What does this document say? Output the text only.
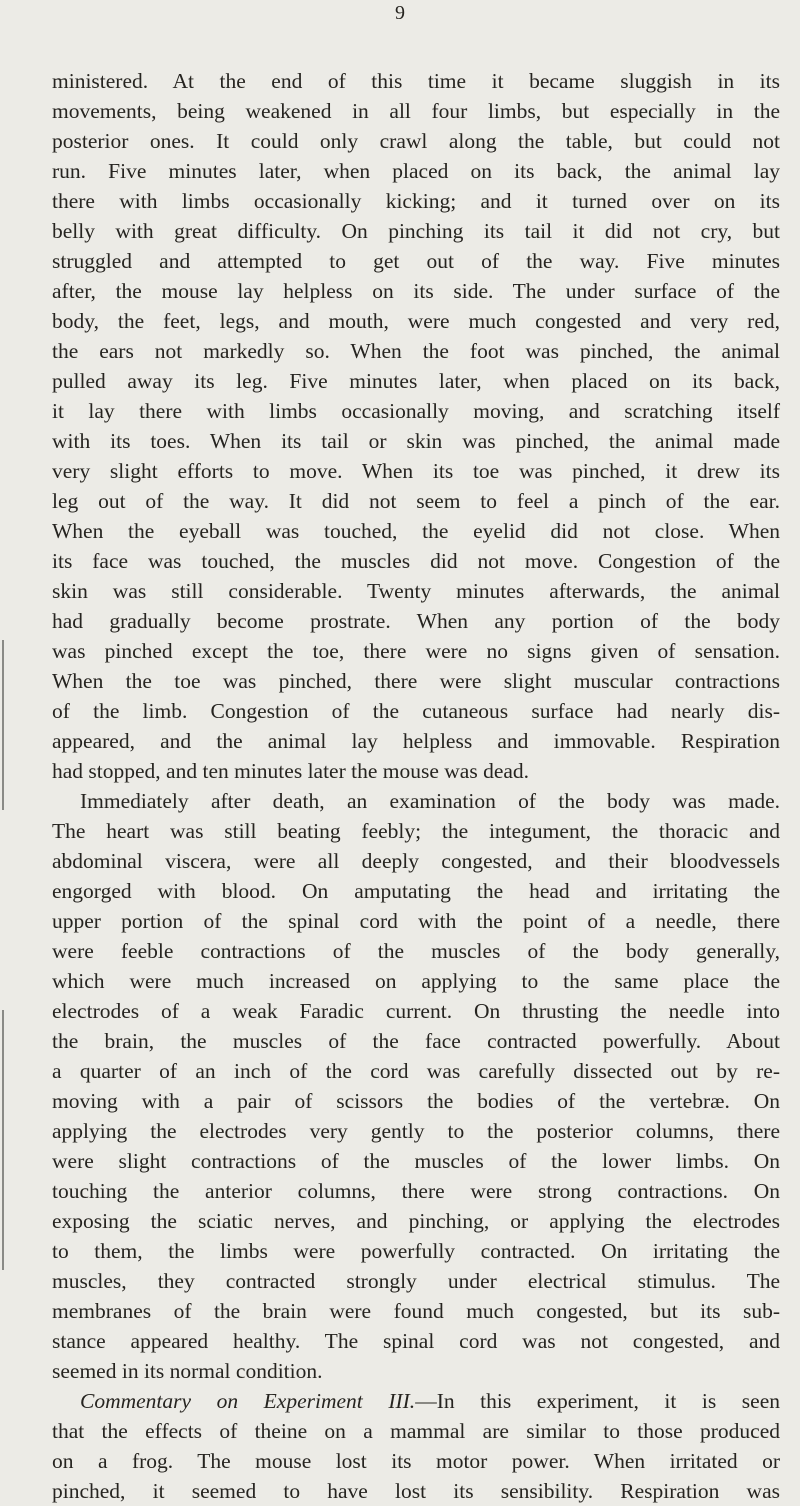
9
ministered. At the end of this time it became sluggish in its
movements, being weakened in all four limbs, but especially in the
posterior ones. It could only crawl along the table, but could not
run. Five minutes later, when placed on its back, the animal lay
there with limbs occasionally kicking; and it turned over on its
belly with great difficulty. On pinching its tail it did not cry, but
struggled and attempted to get out of the way. Five minutes
after, the mouse lay helpless on its side. The under surface of the
body, the feet, legs, and mouth, were much congested and very red,
the ears not markedly so. When the foot was pinched, the animal
pulled away its leg. Five minutes later, when placed on its back,
it lay there with limbs occasionally moving, and scratching itself
with its toes. When its tail or skin was pinched, the animal made
very slight efforts to move. When its toe was pinched, it drew its
leg out of the way. It did not seem to feel a pinch of the ear.
When the eyeball was touched, the eyelid did not close. When
its face was touched, the muscles did not move. Congestion of the
skin was still considerable. Twenty minutes afterwards, the animal
had gradually become prostrate. When any portion of the body
was pinched except the toe, there were no signs given of sensation.
When the toe was pinched, there were slight muscular contractions
of the limb. Congestion of the cutaneous surface had nearly dis-
appeared, and the animal lay helpless and immovable. Respiration
had stopped, and ten minutes later the mouse was dead.
Immediately after death, an examination of the body was made.
The heart was still beating feebly; the integument, the thoracic and
abdominal viscera, were all deeply congested, and their bloodvessels
engorged with blood. On amputating the head and irritating the
upper portion of the spinal cord with the point of a needle, there
were feeble contractions of the muscles of the body generally,
which were much increased on applying to the same place the
electrodes of a weak Faradic current. On thrusting the needle into
the brain, the muscles of the face contracted powerfully. About
a quarter of an inch of the cord was carefully dissected out by re-
moving with a pair of scissors the bodies of the vertebræ. On
applying the electrodes very gently to the posterior columns, there
were slight contractions of the muscles of the lower limbs. On
touching the anterior columns, there were strong contractions. On
exposing the sciatic nerves, and pinching, or applying the electrodes
to them, the limbs were powerfully contracted. On irritating the
muscles, they contracted strongly under electrical stimulus. The
membranes of the brain were found much congested, but its sub-
stance appeared healthy. The spinal cord was not congested, and
seemed in its normal condition.
Commentary on Experiment III.—In this experiment, it is seen
that the effects of theine on a mammal are similar to those produced
on a frog. The mouse lost its motor power. When irritated or
pinched, it seemed to have lost its sensibility. Respiration was
